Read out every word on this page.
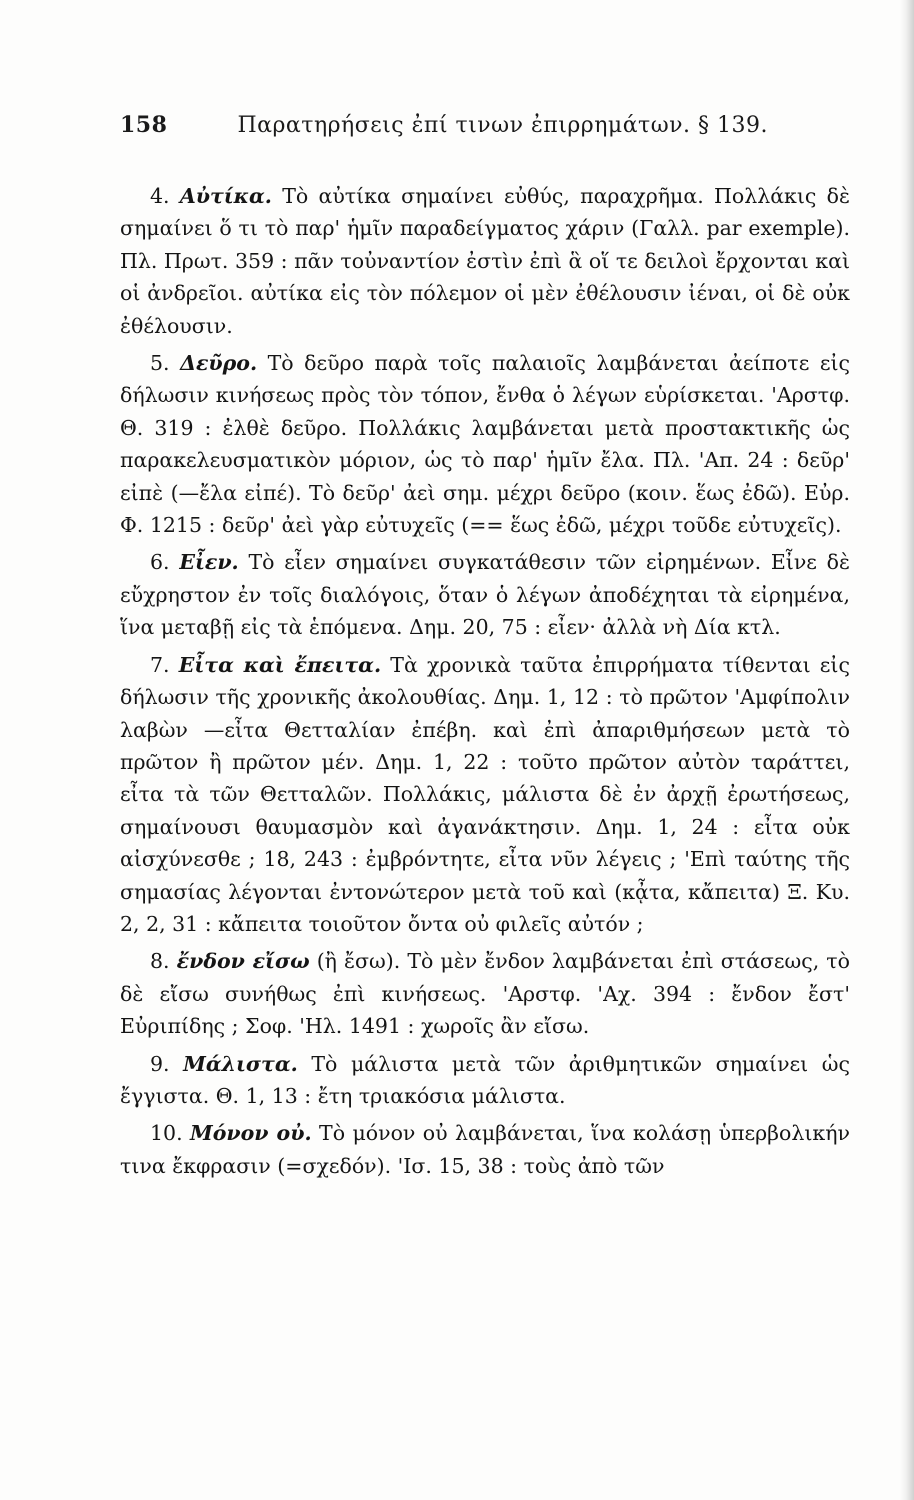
158	Παρατηρήσεις ἐπί τινων ἐπιρρημάτων. § 139.

4. Αὐτίκα. Τὸ αὐτίκα σημαίνει εὐθύς, παραχρῆμα. Πολλάκις δὲ σημαίνει ὅ τι τὸ παρ' ἡμῖν παραδείγματος χάριν (Γαλλ. par exemple). Πλ. Πρωτ. 359 : πᾶν τοὐναντίον ἐστὶν ἐπὶ ἃ οἵ τε δειλοὶ ἔρχονται καὶ οἱ ἀνδρεῖοι. αὐτίκα εἰς τὸν πόλεμον οἱ μὲν ἐθέλουσιν ἰέναι, οἱ δὲ οὐκ ἐθέλουσιν.

5. Δεῦρο. Τὸ δεῦρο παρὰ τοῖς παλαιοῖς λαμβάνεται ἀείποτε εἰς δήλωσιν κινήσεως πρὸς τὸν τόπον, ἔνθα ὁ λέγων εὑρίσκεται. 'Αρστφ. Θ. 319 : ἐλθὲ δεῦρο. Πολλάκις λαμβάνεται μετὰ προστακτικῆς ὡς παρακελευσματικὸν μόριον, ὡς τὸ παρ' ἡμῖν ἔλα. Πλ. 'Απ. 24 : δεῦρ' εἰπὲ (—ἔλα εἰπέ). Τὸ δεῦρ' ἀεὶ σημ. μέχρι δεῦρο (κοιν. ἕως ἐδῶ). Εὐρ. Φ. 1215 : δεῦρ' ἀεὶ γὰρ εὐτυχεῖς (== ἕως ἐδῶ, μέχρι τοῦδε εὐτυχεῖς).

6. Εἶεν. Τὸ εἶεν σημαίνει συγκατάθεσιν τῶν εἰρημένων. Εἶνε δὲ εὔχρηστον ἐν τοῖς διαλόγοις, ὅταν ὁ λέγων ἀποδέχηται τὰ εἰρημένα, ἵνα μεταβῇ εἰς τὰ ἑπόμενα. Δημ. 20, 75 : εἶεν· ἀλλὰ νὴ Δία κτλ.

7. Εἶτα καὶ ἔπειτα. Τὰ χρονικὰ ταῦτα ἐπιρρήματα τίθενται εἰς δήλωσιν τῆς χρονικῆς ἀκολουθίας. Δημ. 1, 12 : τὸ πρῶτον 'Αμφίπολιν λαβὼν —εἶτα Θετταλίαν ἐπέβη. καὶ ἐπὶ ἀπαριθμήσεων μετὰ τὸ πρῶτον ἢ πρῶτον μέν. Δημ. 1, 22 : τοῦτο πρῶτον αὐτὸν ταράττει, εἶτα τὰ τῶν Θετταλῶν. Πολλάκις, μάλιστα δὲ ἐν ἀρχῇ ἐρωτήσεως, σημαίνουσι θαυμασμὸν καὶ ἀγανάκτησιν. Δημ. 1, 24 : εἶτα οὐκ αἰσχύνεσθε ; 18, 243 : ἐμβρόντητε, εἶτα νῦν λέγεις ; 'Επὶ ταύτης τῆς σημασίας λέγονται ἐντονώτερον μετὰ τοῦ καὶ (κᾆτα, κἄπειτα) Ξ. Κυ. 2, 2, 31 : κἄπειτα τοιοῦτον ὄντα οὐ φιλεῖς αὐτόν ;

8. ἔνδον εἴσω (ἢ ἔσω). Τὸ μὲν ἔνδον λαμβάνεται ἐπὶ στάσεως, τὸ δὲ εἴσω συνήθως ἐπὶ κινήσεως. 'Αρστφ. 'Αχ. 394 : ἔνδον ἔστ' Εὐριπίδης ; Σοφ. 'Ηλ. 1491 : χωροῖς ἂν εἴσω.

9. Μάλιστα. Τὸ μάλιστα μετὰ τῶν ἀριθμητικῶν σημαίνει ὡς ἔγγιστα. Θ. 1, 13 : ἔτη τριακόσια μάλιστα.

10. Μόνον οὐ. Τὸ μόνον οὐ λαμβάνεται, ἵνα κολάσῃ ὑπερβολικήν τινα ἔκφρασιν (=σχεδόν). 'Ισ. 15, 38 : τοὺς ἀπὸ τῶν
